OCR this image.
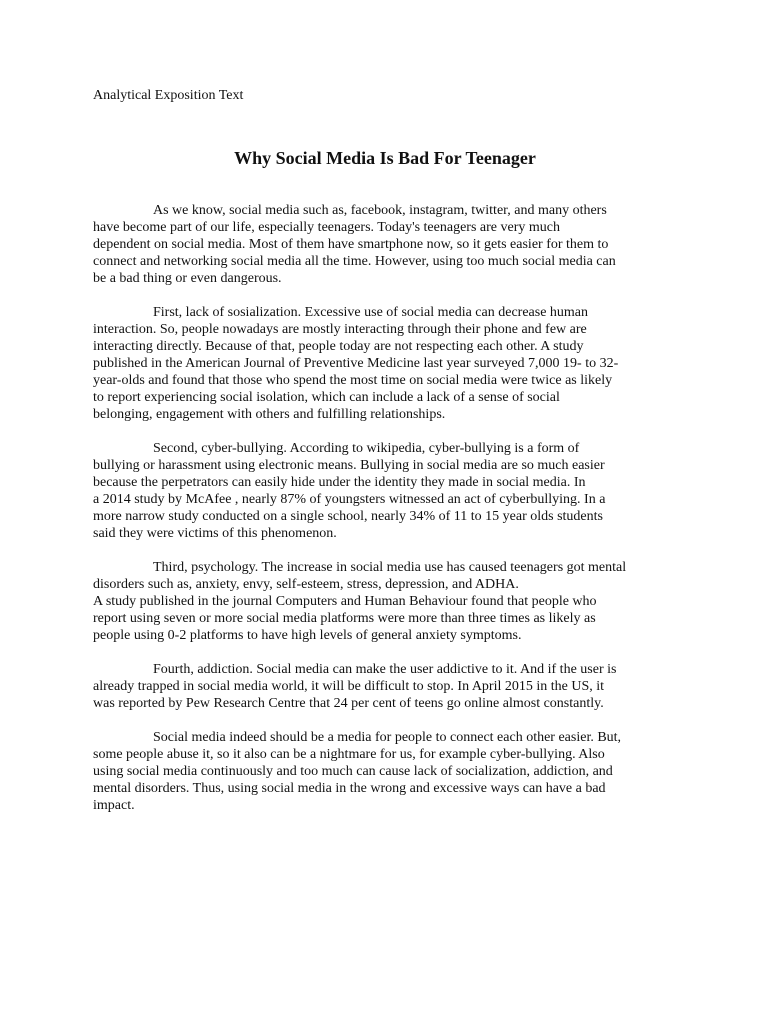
Analytical Exposition Text

Why Social Media Is Bad For Teenager

As we know, social media such as, facebook, instagram, twitter, and many others
have become part of our life, especially teenagers. Today's teenagers are very much
dependent on social media. Most of them have smartphone now, so it gets easier for them to
connect and networking social media all the time. However, using too much social media can
be a bad thing or even dangerous.

First, lack of sosialization. Excessive use of social media can decrease human
interaction. So, people nowadays are mostly interacting through their phone and few are
interacting directly. Because of that, people today are not respecting each other. A study
published in the American Journal of Preventive Medicine last year surveyed 7,000 19- to 32-
year-olds and found that those who spend the most time on social media were twice as likely
to report experiencing social isolation, which can include a lack of a sense of social
belonging, engagement with others and fulfilling relationships.

Second, cyber-bullying. According to wikipedia, cyber-bullying is a form of
bullying or harassment using electronic means. Bullying in social media are so much easier
because the perpetrators can easily hide under the identity they made in social media. In
a 2014 study by McAfee , nearly 87% of youngsters witnessed an act of cyberbullying. In a
more narrow study conducted on a single school, nearly 34% of 11 to 15 year olds students
said they were victims of this phenomenon.

Third, psychology. The increase in social media use has caused teenagers got mental
disorders such as, anxiety, envy, self-esteem, stress, depression, and ADHA.
A study published in the journal Computers and Human Behaviour found that people who
report using seven or more social media platforms were more than three times as likely as
people using 0-2 platforms to have high levels of general anxiety symptoms.

Fourth, addiction. Social media can make the user addictive to it. And if the user is
already trapped in social media world, it will be difficult to stop. In April 2015 in the US, it
was reported by Pew Research Centre that 24 per cent of teens go online almost constantly.

Social media indeed should be a media for people to connect each other easier. But,
some people abuse it, so it also can be a nightmare for us, for example cyber-bullying. Also
using social media continuously and too much can cause lack of socialization, addiction, and
mental disorders. Thus, using social media in the wrong and excessive ways can have a bad
impact.
